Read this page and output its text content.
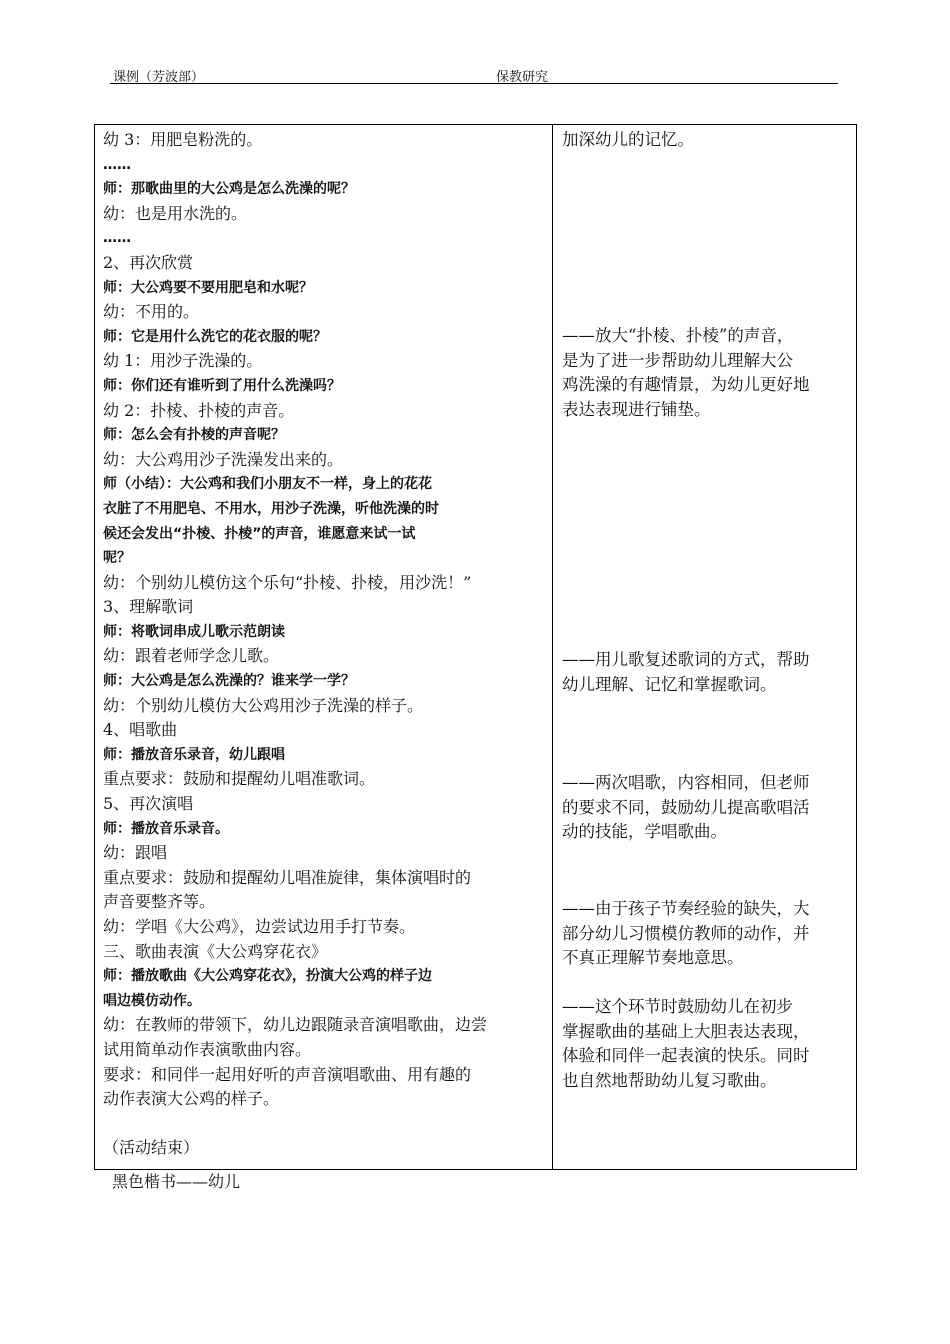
课例（芳波部）	保教研究
幼 3：用肥皂粉洗的。
……
师：那歌曲里的大公鸡是怎么洗澡的呢？
幼：也是用水洗的。
……
2、再次欣赏
师：大公鸡要不要用肥皂和水呢？
幼：不用的。
师：它是用什么洗它的花衣服的呢？
幼 1：用沙子洗澡的。
师：你们还有谁听到了用什么洗澡吗？
幼 2：扑棱、扑棱的声音。
师：怎么会有扑棱的声音呢？
幼：大公鸡用沙子洗澡发出来的。
师（小结）：大公鸡和我们小朋友不一样，身上的花花
衣脏了不用肥皂、不用水，用沙子洗澡，听他洗澡的时
候还会发出“扑棱、扑棱”的声音，谁愿意来试一试
呢？
幼：个别幼儿模仿这个乐句“扑棱、扑棱，用沙洗！”
3、理解歌词
师：将歌词串成儿歌示范朗读
幼：跟着老师学念儿歌。
师：大公鸡是怎么洗澡的？谁来学一学？
幼：个别幼儿模仿大公鸡用沙子洗澡的样子。
4、唱歌曲
师：播放音乐录音，幼儿跟唱
重点要求：鼓励和提醒幼儿唱准歌词。
5、再次演唱
师：播放音乐录音。
幼：跟唱
重点要求：鼓励和提醒幼儿唱准旋律，集体演唱时的
声音要整齐等。
幼：学唱《大公鸡》，边尝试边用手打节奏。
三、歌曲表演《大公鸡穿花衣》
师：播放歌曲《大公鸡穿花衣》，扮演大公鸡的样子边
唱边模仿动作。
幼：在教师的带领下，幼儿边跟随录音演唱歌曲，边尝
试用简单动作表演歌曲内容。
要求：和同伴一起用好听的声音演唱歌曲、用有趣的
动作表演大公鸡的样子。
（活动结束）
加深幼儿的记忆。
——放大“扑棱、扑棱”的声音，
是为了进一步帮助幼儿理解大公
鸡洗澡的有趣情景，为幼儿更好地
表达表现进行铺垫。
——用儿歌复述歌词的方式，帮助
幼儿理解、记忆和掌握歌词。
——两次唱歌，内容相同，但老师
的要求不同，鼓励幼儿提高歌唱活
动的技能，学唱歌曲。
——由于孩子节奏经验的缺失，大
部分幼儿习惯模仿教师的动作，并
不真正理解节奏地意思。
——这个环节时鼓励幼儿在初步
掌握歌曲的基础上大胆表达表现，
体验和同伴一起表演的快乐。同时
也自然地帮助幼儿复习歌曲。
黑色楷书——幼儿
